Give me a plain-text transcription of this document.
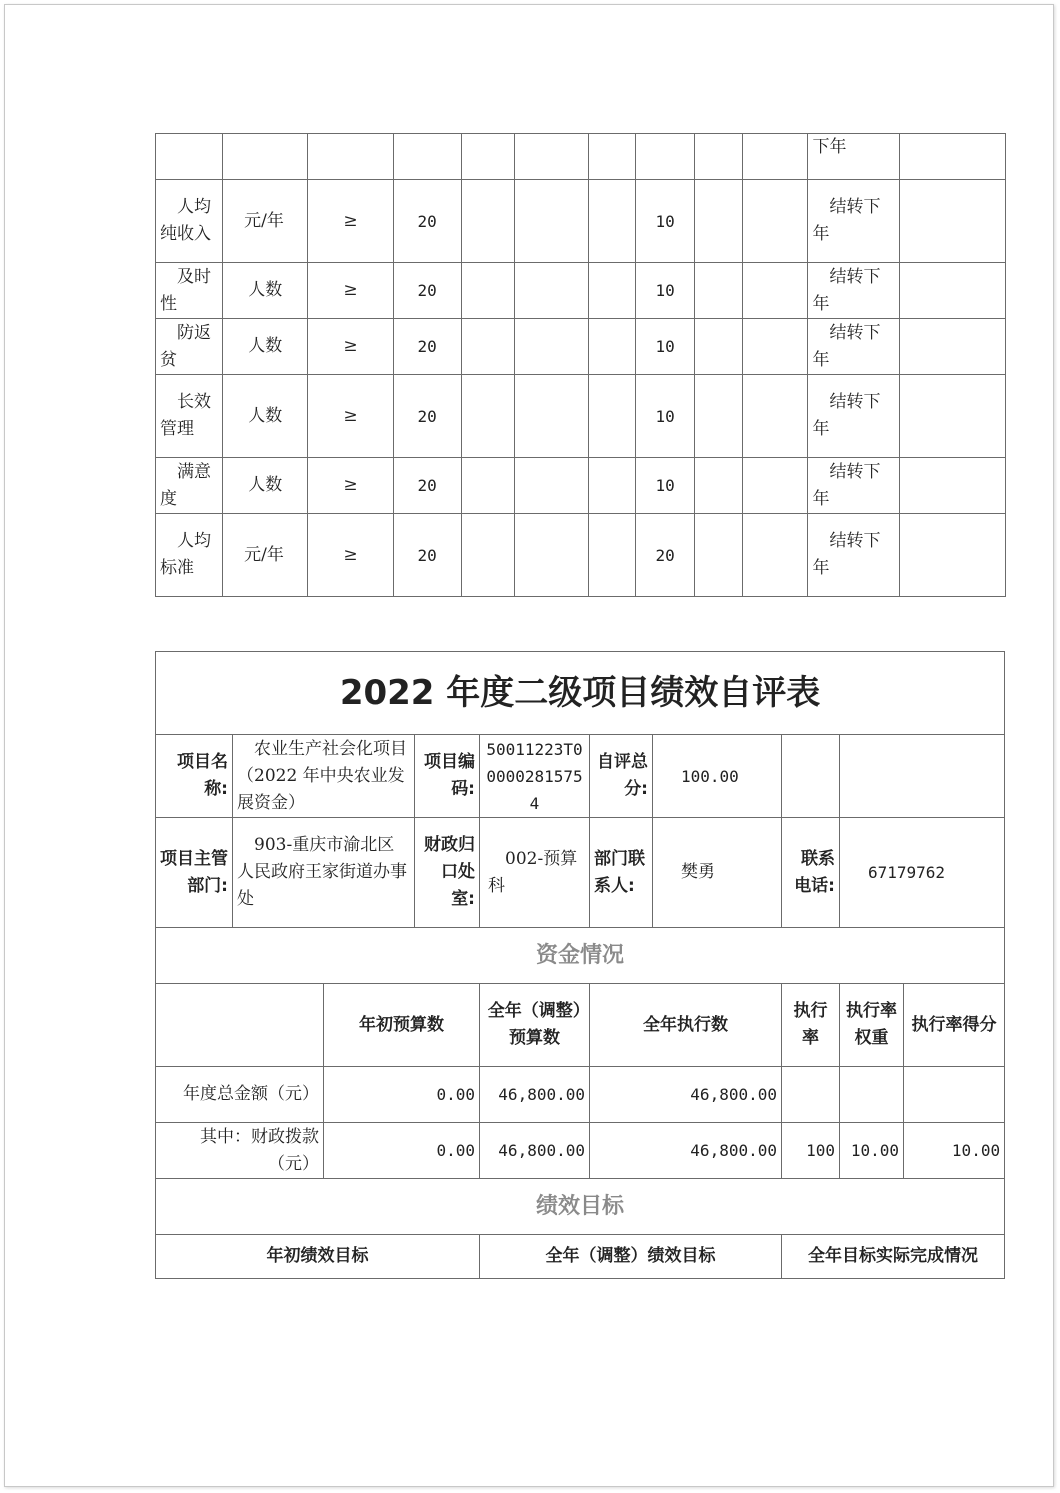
										下年	
人均纯收入	元/年	≥	20				10			结转下年	
及时性	人数	≥	20				10			结转下年	
防返贫	人数	≥	20				10			结转下年	
长效管理	人数	≥	20				10			结转下年	
满意度	人数	≥	20				10			结转下年	
人均标准	元/年	≥	20				20			结转下年	
2022 年度二级项目绩效自评表									
项目名称:	农业生产社会化项目（2022 年中央农业发展资金）		项目编码:	50011223T000002815754	自评总分:	100.00			
项目主管部门:	903-重庆市渝北区人民政府王家街道办事处		财政归口处室:	002-预算科	部门联系人:	樊勇	联系电话:	67179762	
资金情况									
		年初预算数		全年（调整）预算数	全年执行数		执行率	执行率权重	执行率得分
年度总金额（元）		0.00		46,800.00	46,800.00				
其中：财政拨款（元）		0.00		46,800.00	46,800.00		100	10.00	10.00
绩效目标									
年初绩效目标				全年（调整）绩效目标			全年目标实际完成情况		
